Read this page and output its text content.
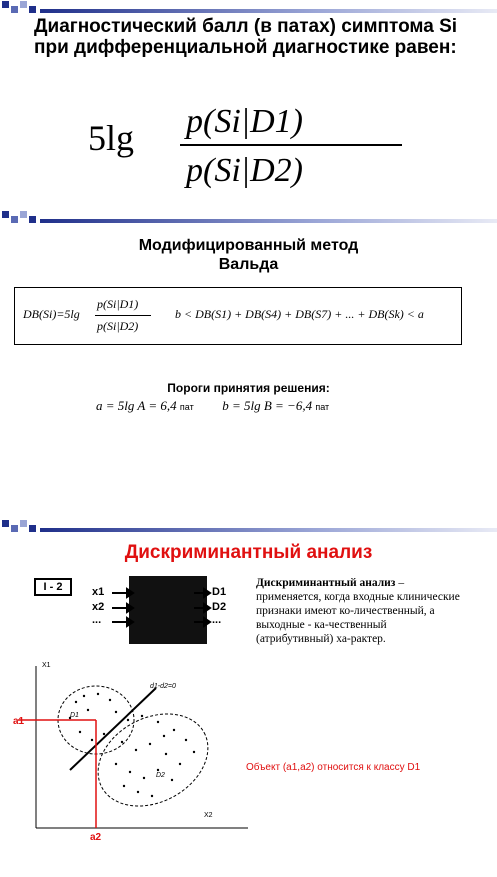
Диагностический балл (в патах) симптома Si при дифференциальной диагностике равен:
5lg p(Si|D1)
p(Si|D2)
Модифицированный метод
Вальда
DB(Si)=5lg
p(Si|D1)
p(Si|D2)
b < DB(S1) + DB(S4) + DB(S7) + ... + DB(Sk) < a
Пороги принятия решения:
a = 5lg A = 6,4 пат b = 5lg B = −6,4 пат
Дискриминантный анализ
I - 2	x1
x2
...
D1
D2
...
Дискриминантный анализ – применяется, когда входные клинические признаки имеют ко-личественный, а выходные - ка-чественный (атрибутивный) ха-рактер.
X1
X2
d1-d2=0
D1
D2
a1
a2
Объект (a1,a2) относится к классу D1
